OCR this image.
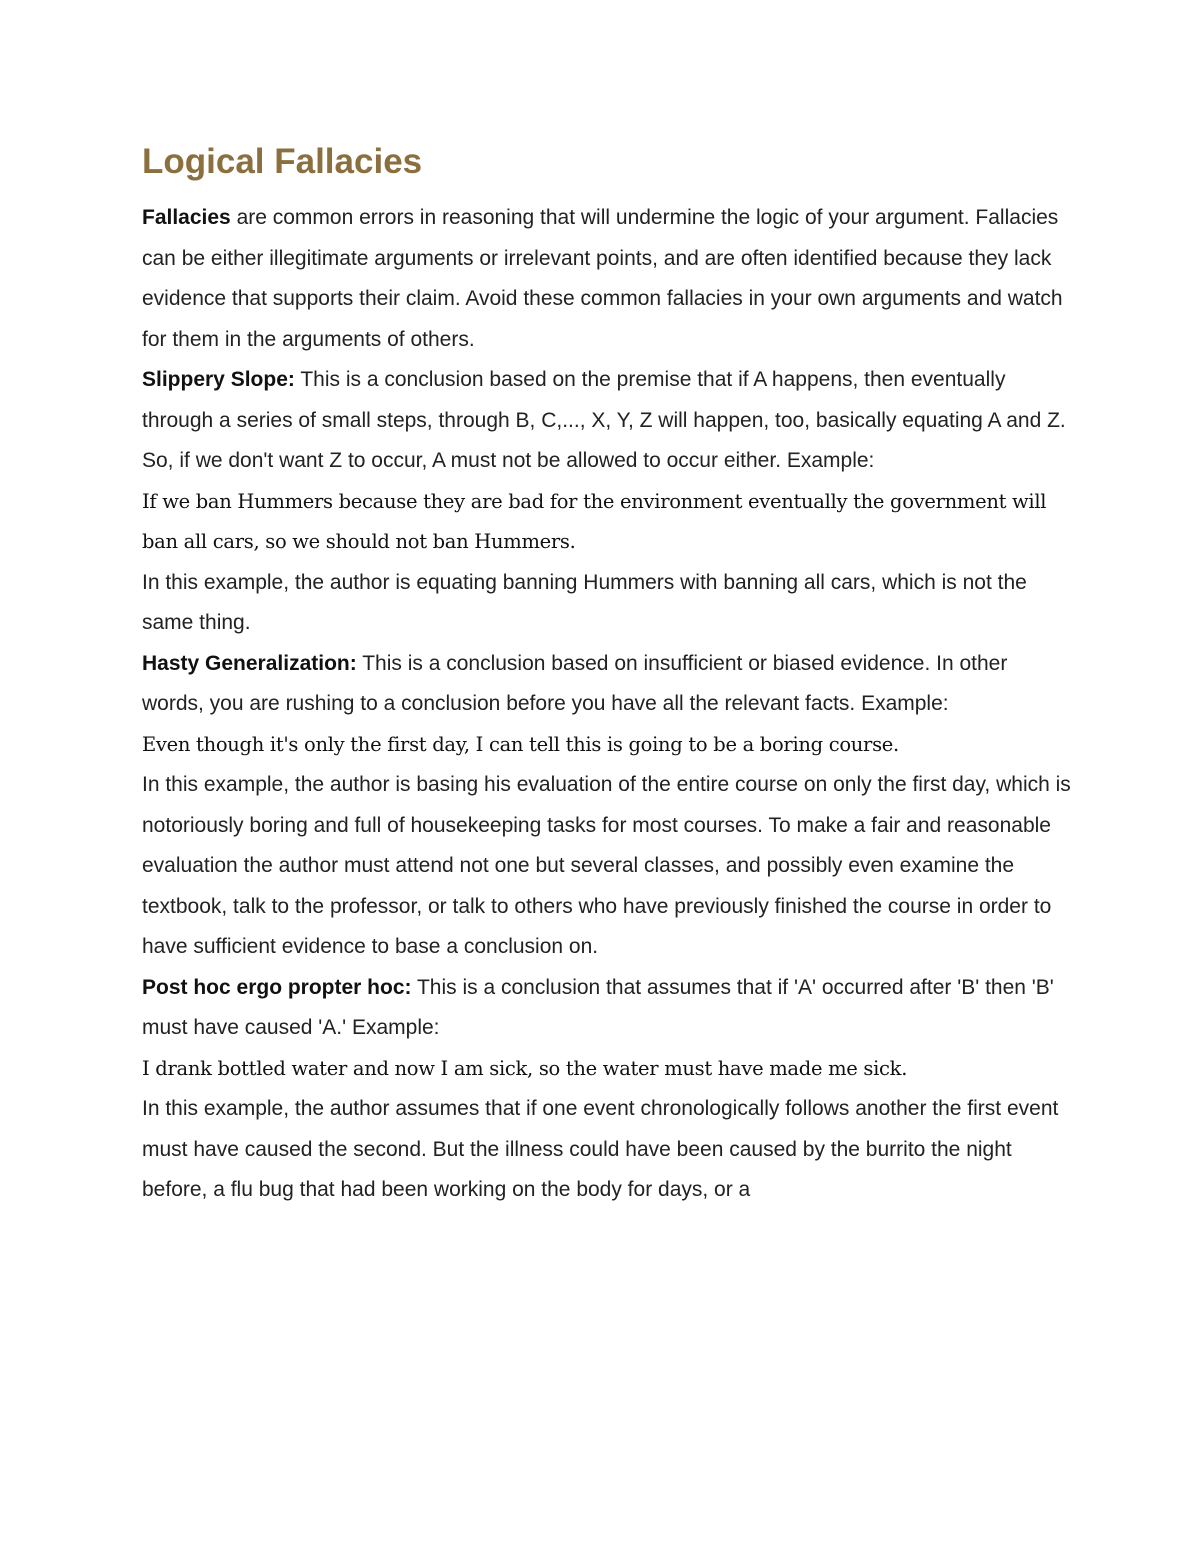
Logical Fallacies

Fallacies are common errors in reasoning that will undermine the logic of your argument. Fallacies can be either illegitimate arguments or irrelevant points, and are often identified because they lack evidence that supports their claim. Avoid these common fallacies in your own arguments and watch for them in the arguments of others.

Slippery Slope: This is a conclusion based on the premise that if A happens, then eventually through a series of small steps, through B, C,..., X, Y, Z will happen, too, basically equating A and Z. So, if we don't want Z to occur, A must not be allowed to occur either. Example:

If we ban Hummers because they are bad for the environment eventually the government will ban all cars, so we should not ban Hummers.

In this example, the author is equating banning Hummers with banning all cars, which is not the same thing.

Hasty Generalization: This is a conclusion based on insufficient or biased evidence. In other words, you are rushing to a conclusion before you have all the relevant facts. Example:

Even though it's only the first day, I can tell this is going to be a boring course.

In this example, the author is basing his evaluation of the entire course on only the first day, which is notoriously boring and full of housekeeping tasks for most courses. To make a fair and reasonable evaluation the author must attend not one but several classes, and possibly even examine the textbook, talk to the professor, or talk to others who have previously finished the course in order to have sufficient evidence to base a conclusion on.

Post hoc ergo propter hoc: This is a conclusion that assumes that if 'A' occurred after 'B' then 'B' must have caused 'A.' Example:

I drank bottled water and now I am sick, so the water must have made me sick.

In this example, the author assumes that if one event chronologically follows another the first event must have caused the second. But the illness could have been caused by the burrito the night before, a flu bug that had been working on the body for days, or a
